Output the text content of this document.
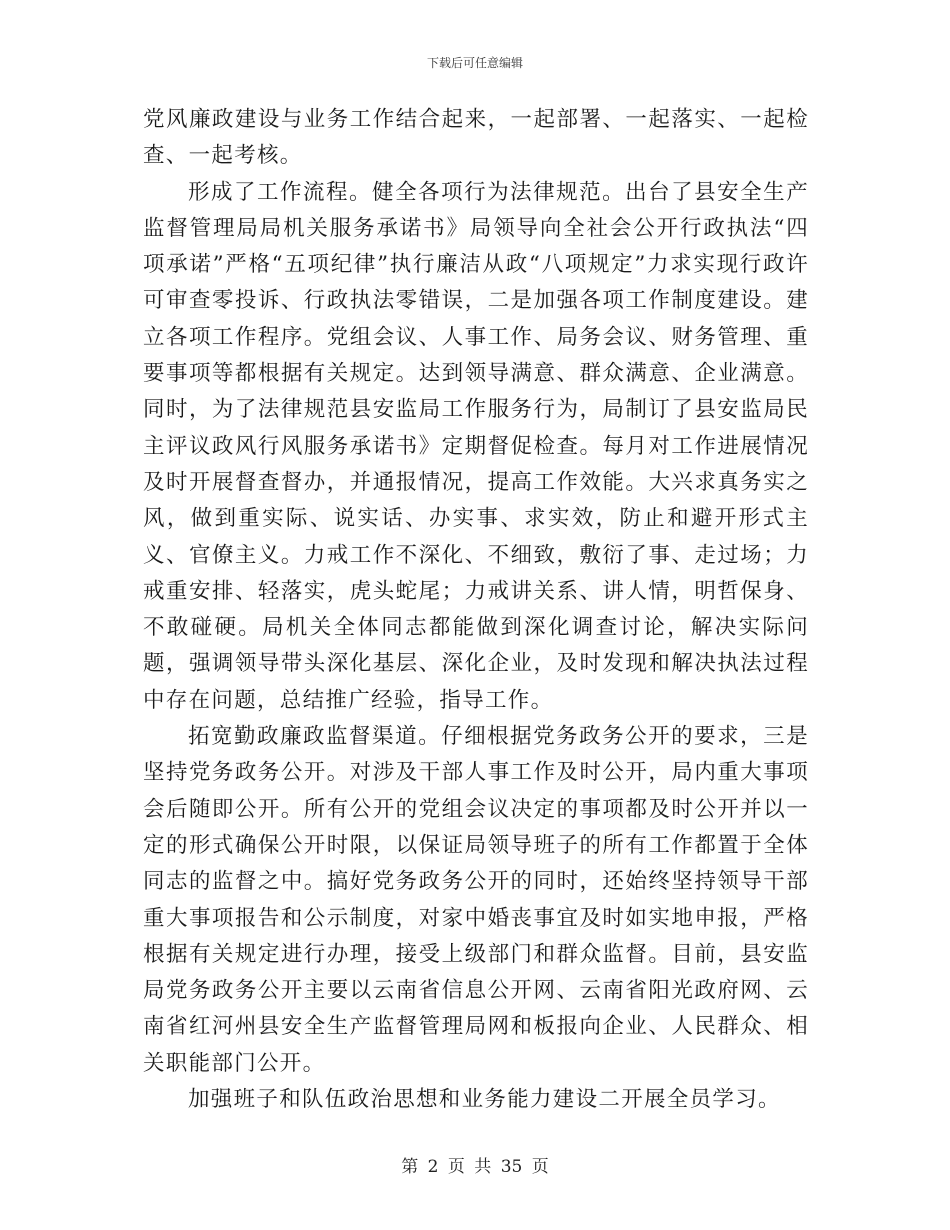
下载后可任意编辑

党风廉政建设与业务工作结合起来，一起部署、一起落实、一起检查、一起考核。

形成了工作流程。健全各项行为法律规范。出台了县安全生产监督管理局局机关服务承诺书》局领导向全社会公开行政执法“四项承诺”严格“五项纪律”执行廉洁从政“八项规定”力求实现行政许可审查零投诉、行政执法零错误，二是加强各项工作制度建设。建立各项工作程序。党组会议、人事工作、局务会议、财务管理、重要事项等都根据有关规定。达到领导满意、群众满意、企业满意。同时，为了法律规范县安监局工作服务行为，局制订了县安监局民主评议政风行风服务承诺书》定期督促检查。每月对工作进展情况及时开展督查督办，并通报情况，提高工作效能。大兴求真务实之风，做到重实际、说实话、办实事、求实效，防止和避开形式主义、官僚主义。力戒工作不深化、不细致，敷衍了事、走过场；力戒重安排、轻落实，虎头蛇尾；力戒讲关系、讲人情，明哲保身、不敢碰硬。局机关全体同志都能做到深化调查讨论，解决实际问题，强调领导带头深化基层、深化企业，及时发现和解决执法过程中存在问题，总结推广经验，指导工作。

拓宽勤政廉政监督渠道。仔细根据党务政务公开的要求，三是坚持党务政务公开。对涉及干部人事工作及时公开，局内重大事项会后随即公开。所有公开的党组会议决定的事项都及时公开并以一定的形式确保公开时限，以保证局领导班子的所有工作都置于全体同志的监督之中。搞好党务政务公开的同时，还始终坚持领导干部重大事项报告和公示制度，对家中婚丧事宜及时如实地申报，严格根据有关规定进行办理，接受上级部门和群众监督。目前，县安监局党务政务公开主要以云南省信息公开网、云南省阳光政府网、云南省红河州县安全生产监督管理局网和板报向企业、人民群众、相关职能部门公开。

加强班子和队伍政治思想和业务能力建设二开展全员学习。

第 2 页 共 35 页
